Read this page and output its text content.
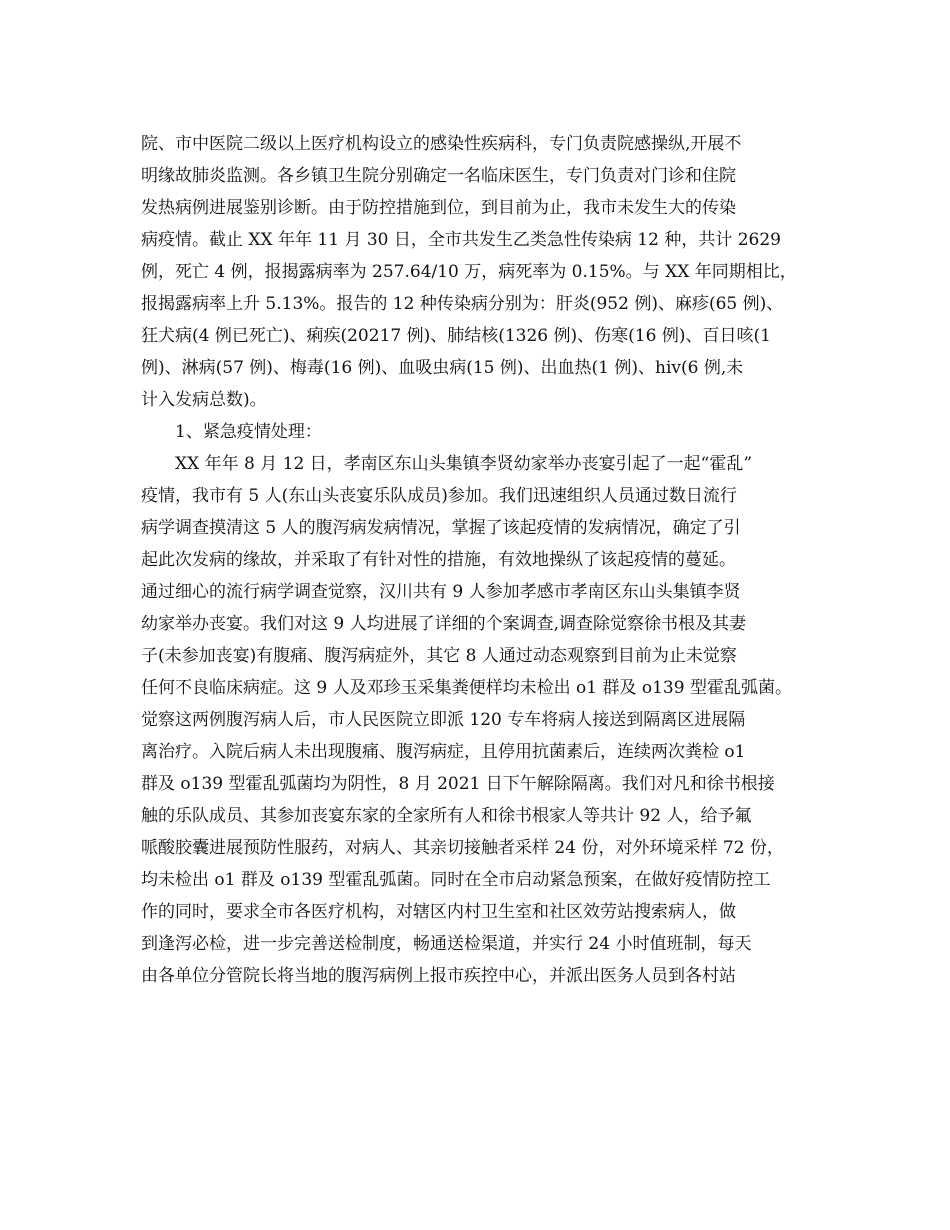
院、市中医院二级以上医疗机构设立的感染性疾病科，专门负责院感操纵,开展不
明缘故肺炎监测。各乡镇卫生院分别确定一名临床医生，专门负责对门诊和住院
发热病例进展鉴别诊断。由于防控措施到位，到目前为止，我市未发生大的传染
病疫情。截止 XX 年年 11 月 30 日，全市共发生乙类急性传染病 12 种，共计 2629
例，死亡 4 例，报揭露病率为 257.64/10 万，病死率为 0.15%。与 XX 年同期相比，
报揭露病率上升 5.13%。报告的 12 种传染病分别为：肝炎(952 例)、麻疹(65 例)、
狂犬病(4 例已死亡)、痢疾(20217 例)、肺结核(1326 例)、伤寒(16 例)、百日咳(1
例)、淋病(57 例)、梅毒(16 例)、血吸虫病(15 例)、出血热(1 例)、hiv(6 例,未
计入发病总数)。
1、紧急疫情处理：
XX 年年 8 月 12 日，孝南区东山头集镇李贤幼家举办丧宴引起了一起“霍乱”
疫情，我市有 5 人(东山头丧宴乐队成员)参加。我们迅速组织人员通过数日流行
病学调查摸清这 5 人的腹泻病发病情况，掌握了该起疫情的发病情况，确定了引
起此次发病的缘故，并采取了有针对性的措施，有效地操纵了该起疫情的蔓延。
通过细心的流行病学调查觉察，汉川共有 9 人参加孝感市孝南区东山头集镇李贤
幼家举办丧宴。我们对这 9 人均进展了详细的个案调查,调查除觉察徐书根及其妻
子(未参加丧宴)有腹痛、腹泻病症外，其它 8 人通过动态观察到目前为止未觉察
任何不良临床病症。这 9 人及邓珍玉采集粪便样均未检出 o1 群及 o139 型霍乱弧菌。
觉察这两例腹泻病人后，市人民医院立即派 120 专车将病人接送到隔离区进展隔
离治疗。入院后病人未出现腹痛、腹泻病症，且停用抗菌素后，连续两次粪检 o1
群及 o139 型霍乱弧菌均为阴性，8 月 2021 日下午解除隔离。我们对凡和徐书根接
触的乐队成员、其参加丧宴东家的全家所有人和徐书根家人等共计 92 人，给予氟
哌酸胶囊进展预防性服药，对病人、其亲切接触者采样 24 份，对外环境采样 72 份，
均未检出 o1 群及 o139 型霍乱弧菌。同时在全市启动紧急预案，在做好疫情防控工
作的同时，要求全市各医疗机构，对辖区内村卫生室和社区效劳站搜索病人，做
到逢泻必检，进一步完善送检制度，畅通送检渠道，并实行 24 小时值班制，每天
由各单位分管院长将当地的腹泻病例上报市疾控中心，并派出医务人员到各村站
